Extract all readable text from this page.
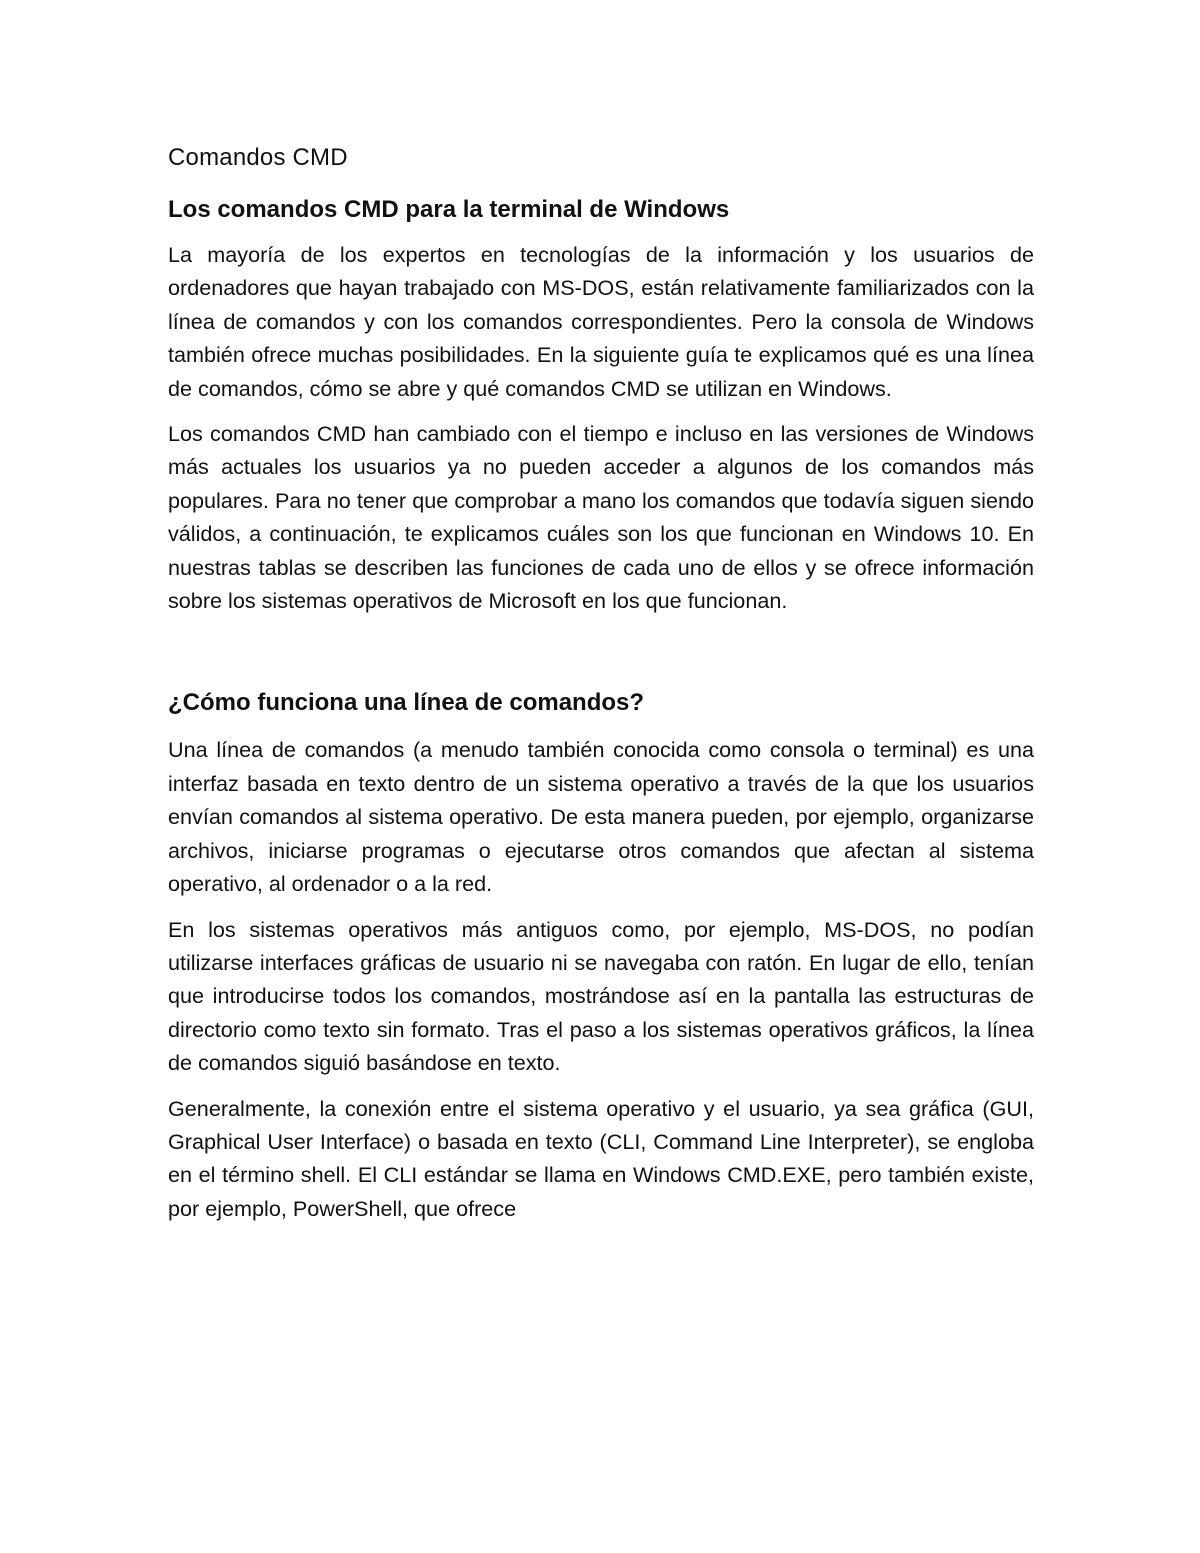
Comandos CMD
Los comandos CMD para la terminal de Windows

La mayoría de los expertos en tecnologías de la información y los usuarios de ordenadores que hayan trabajado con MS-DOS, están relativamente familiarizados con la línea de comandos y con los comandos correspondientes. Pero la consola de Windows también ofrece muchas posibilidades. En la siguiente guía te explicamos qué es una línea de comandos, cómo se abre y qué comandos CMD se utilizan en Windows.

Los comandos CMD han cambiado con el tiempo e incluso en las versiones de Windows más actuales los usuarios ya no pueden acceder a algunos de los comandos más populares. Para no tener que comprobar a mano los comandos que todavía siguen siendo válidos, a continuación, te explicamos cuáles son los que funcionan en Windows 10. En nuestras tablas se describen las funciones de cada uno de ellos y se ofrece información sobre los sistemas operativos de Microsoft en los que funcionan.

¿Cómo funciona una línea de comandos?

Una línea de comandos (a menudo también conocida como consola o terminal) es una interfaz basada en texto dentro de un sistema operativo a través de la que los usuarios envían comandos al sistema operativo. De esta manera pueden, por ejemplo, organizarse archivos, iniciarse programas o ejecutarse otros comandos que afectan al sistema operativo, al ordenador o a la red.

En los sistemas operativos más antiguos como, por ejemplo, MS-DOS, no podían utilizarse interfaces gráficas de usuario ni se navegaba con ratón. En lugar de ello, tenían que introducirse todos los comandos, mostrándose así en la pantalla las estructuras de directorio como texto sin formato. Tras el paso a los sistemas operativos gráficos, la línea de comandos siguió basándose en texto.

Generalmente, la conexión entre el sistema operativo y el usuario, ya sea gráfica (GUI, Graphical User Interface) o basada en texto (CLI, Command Line Interpreter), se engloba en el término shell. El CLI estándar se llama en Windows CMD.EXE, pero también existe, por ejemplo, PowerShell, que ofrece
